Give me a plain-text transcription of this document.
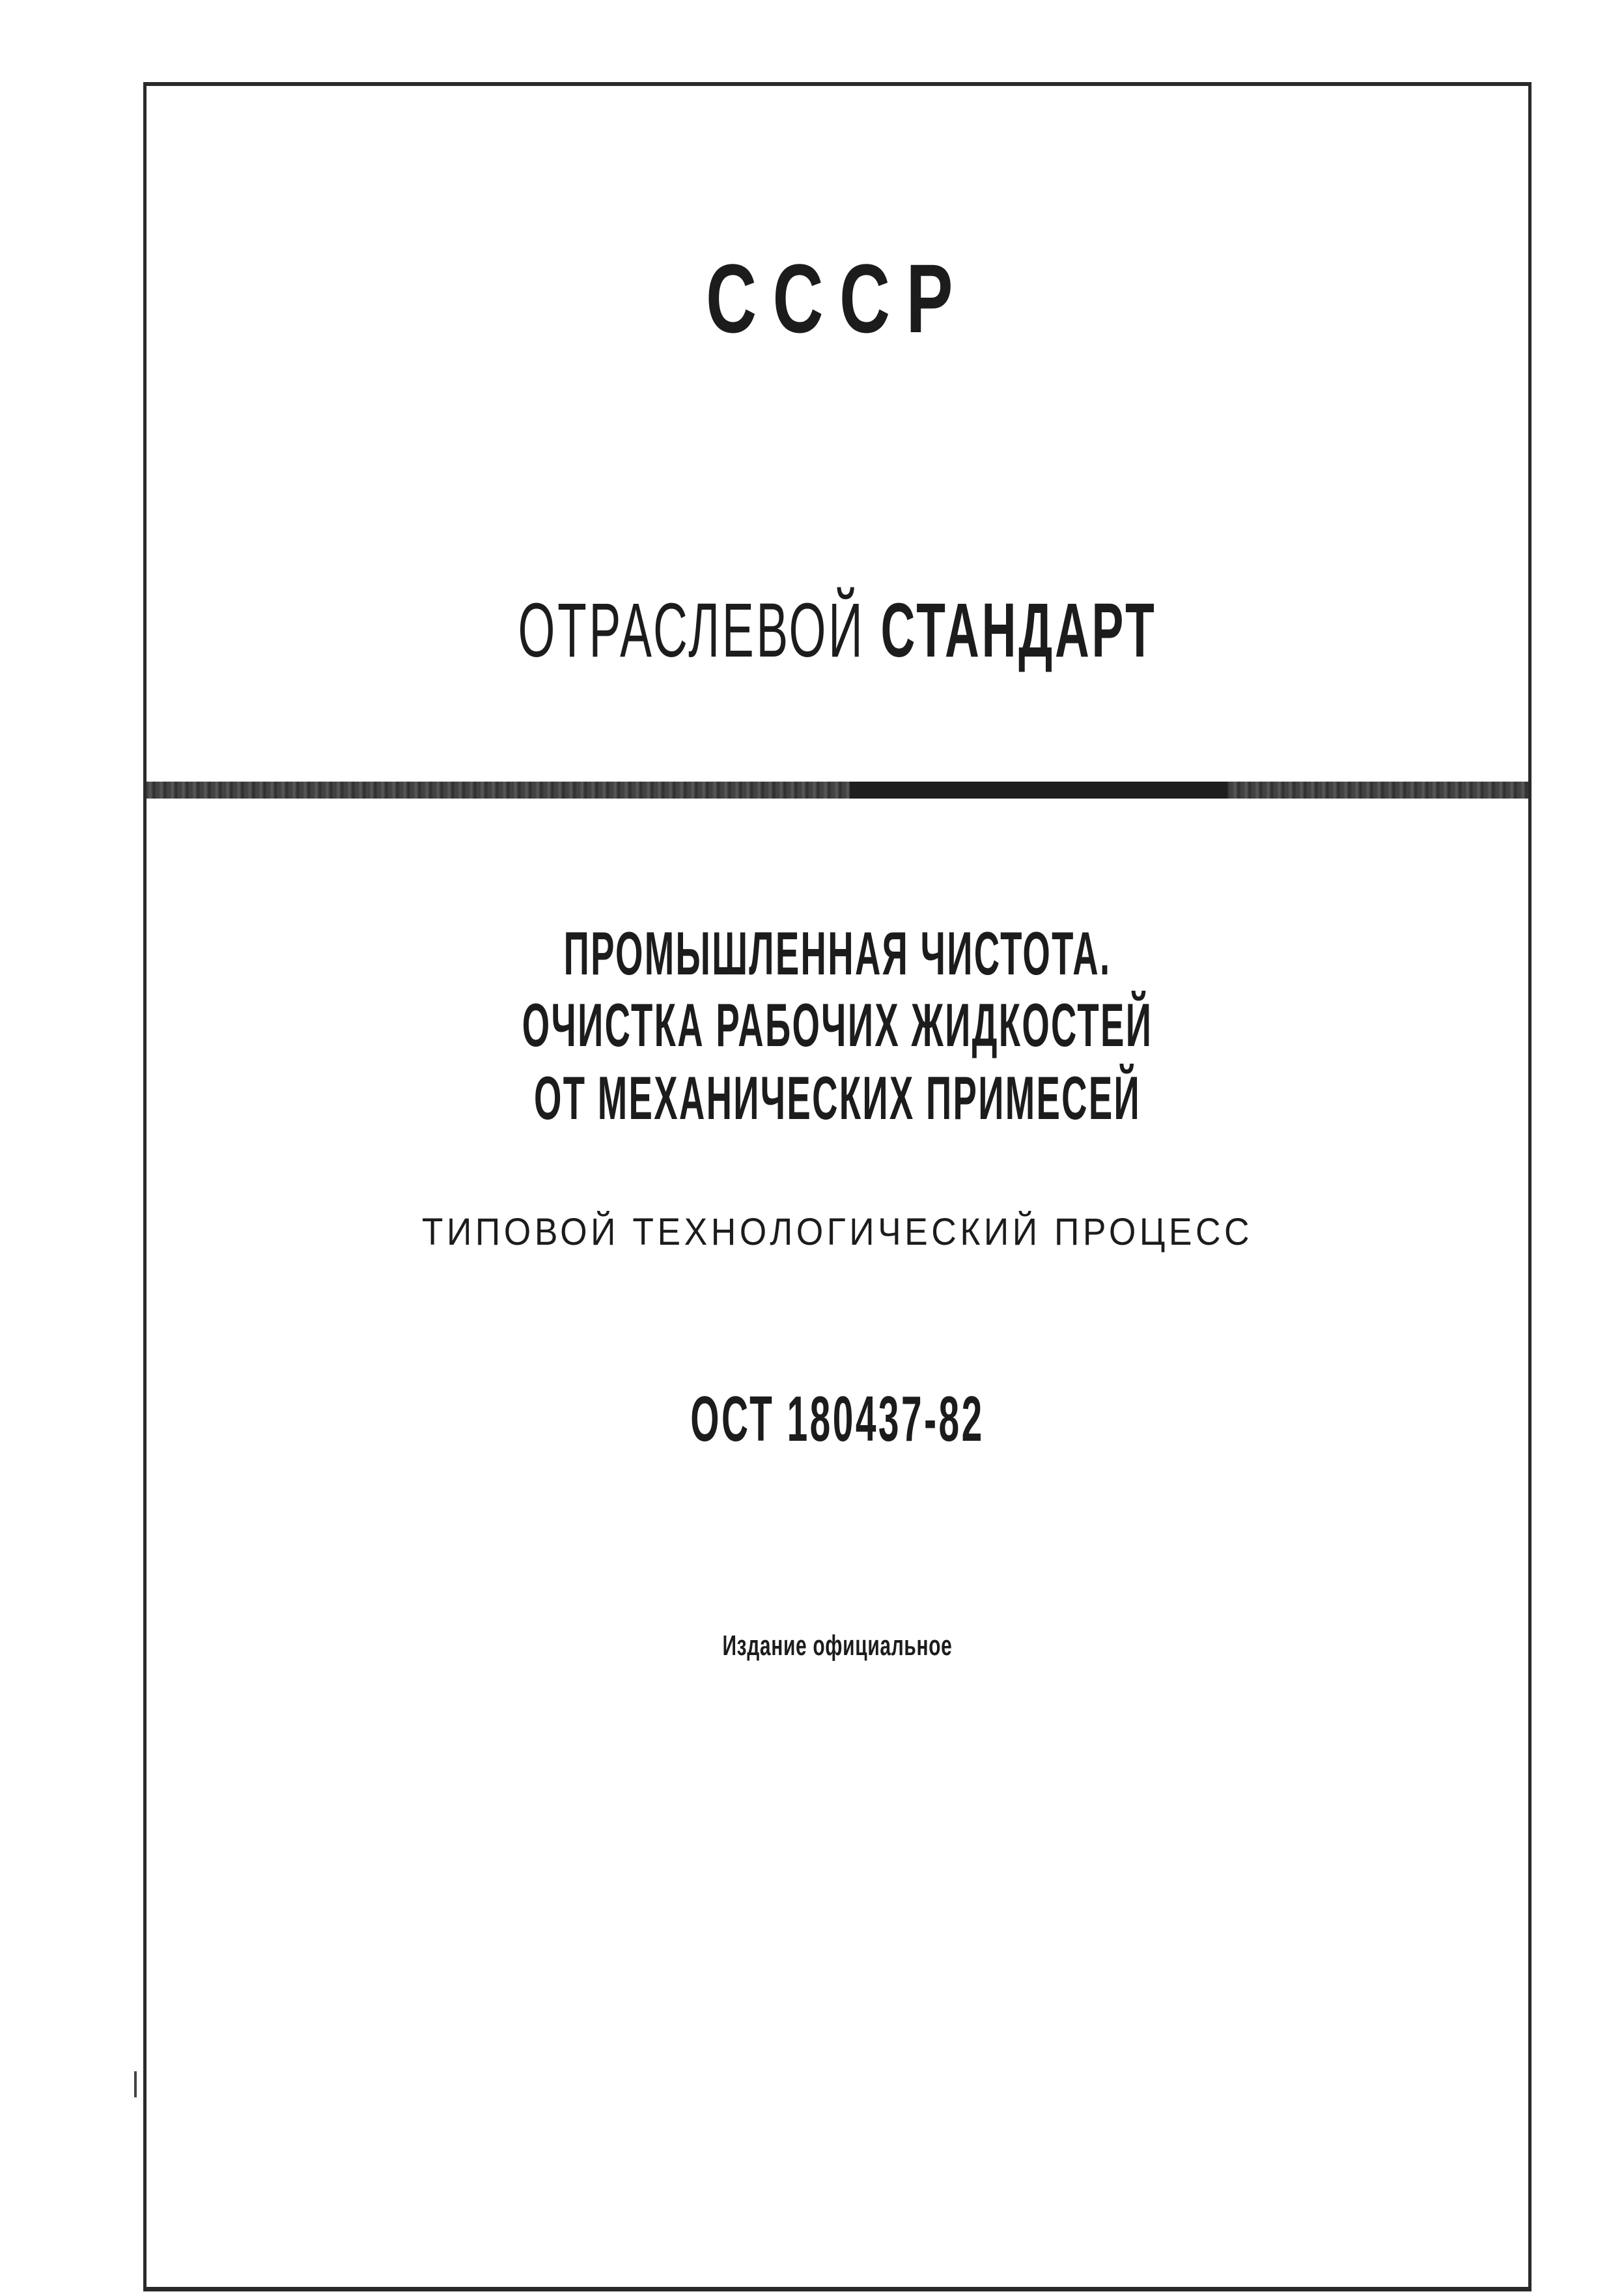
СССР
ОТРАСЛЕВОЙ СТАНДАРТ
ПРОМЫШЛЕННАЯ ЧИСТОТА.
ОЧИСТКА РАБОЧИХ ЖИДКОСТЕЙ
ОТ МЕХАНИЧЕСКИХ ПРИМЕСЕЙ
ТИПОВОЙ ТЕХНОЛОГИЧЕСКИЙ ПРОЦЕСС
ОСТ 180437-82
Издание официальное
